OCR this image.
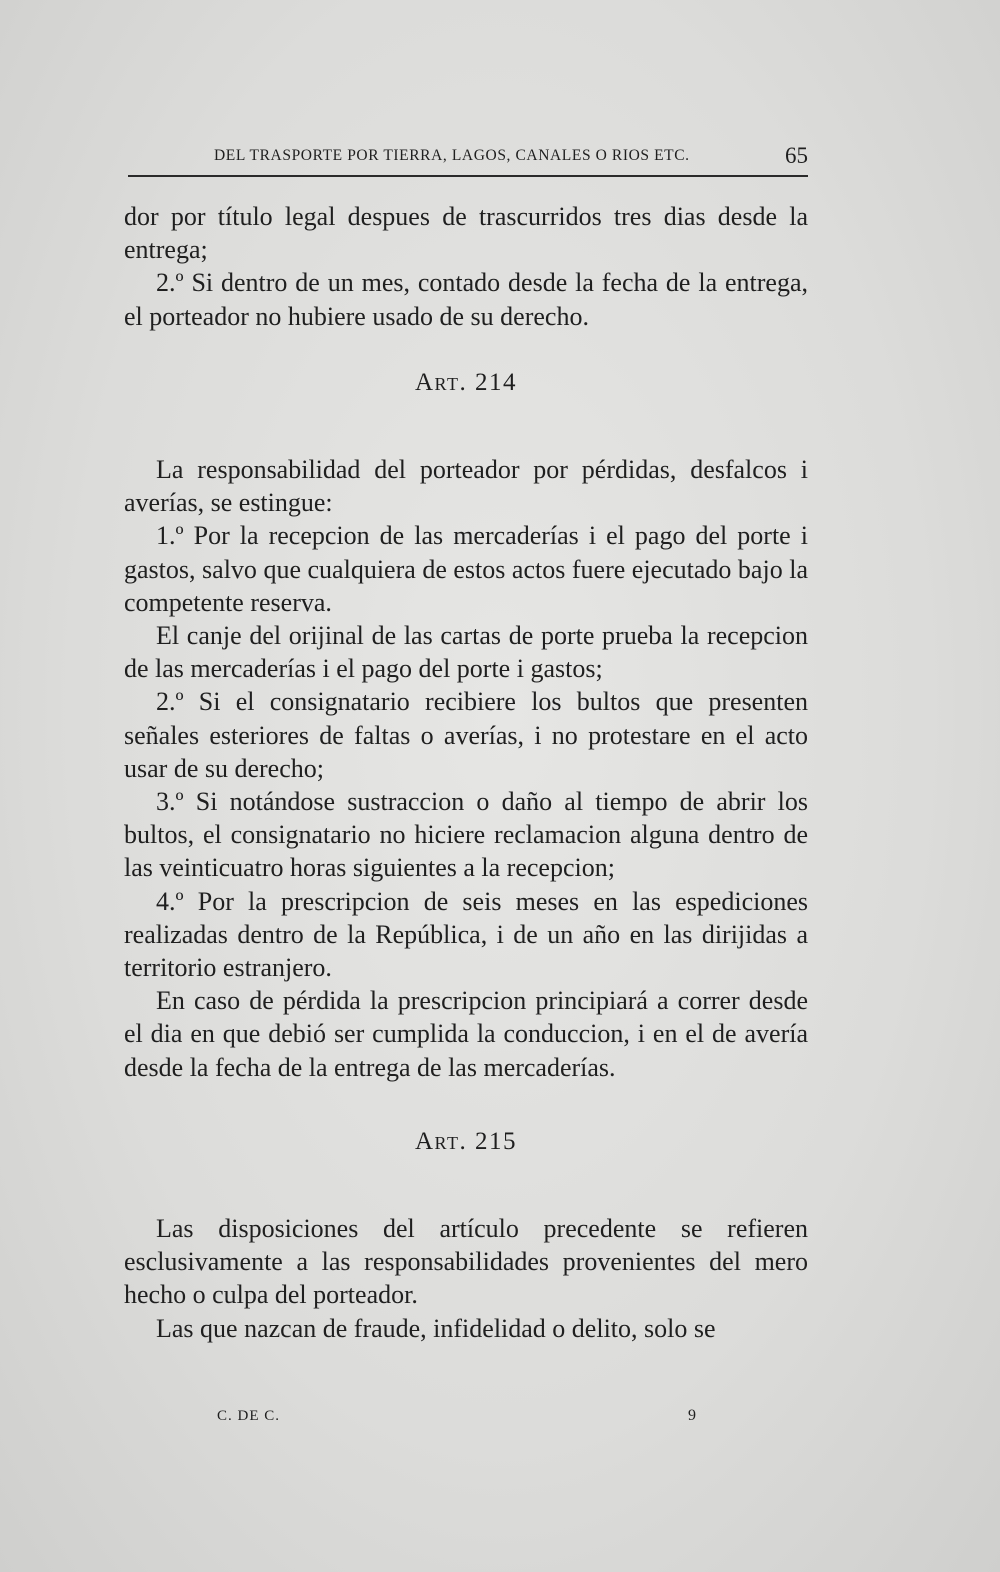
DEL TRASPORTE POR TIERRA, LAGOS, CANALES O RIOS ETC.	65

dor por título legal despues de trascurridos tres dias desde la entrega;

2.º Si dentro de un mes, contado desde la fecha de la entrega, el porteador no hubiere usado de su derecho.

Art. 214

La responsabilidad del porteador por pérdidas, desfalcos i averías, se estingue:

1.º Por la recepcion de las mercaderías i el pago del porte i gastos, salvo que cualquiera de estos actos fuere ejecutado bajo la competente reserva.

El canje del orijinal de las cartas de porte prueba la recepcion de las mercaderías i el pago del porte i gastos;

2.º Si el consignatario recibiere los bultos que presenten señales esteriores de faltas o averías, i no protestare en el acto usar de su derecho;

3.º Si notándose sustraccion o daño al tiempo de abrir los bultos, el consignatario no hiciere reclamacion alguna dentro de las veinticuatro horas siguientes a la recepcion;

4.º Por la prescripcion de seis meses en las espediciones realizadas dentro de la República, i de un año en las dirijidas a territorio estranjero.

En caso de pérdida la prescripcion principiará a correr desde el dia en que debió ser cumplida la conduccion, i en el de avería desde la fecha de la entrega de las mercaderías.

Art. 215

Las disposiciones del artículo precedente se refieren esclusivamente a las responsabilidades provenientes del mero hecho o culpa del porteador.

Las que nazcan de fraude, infidelidad o delito, solo se

C. DE C.	9
